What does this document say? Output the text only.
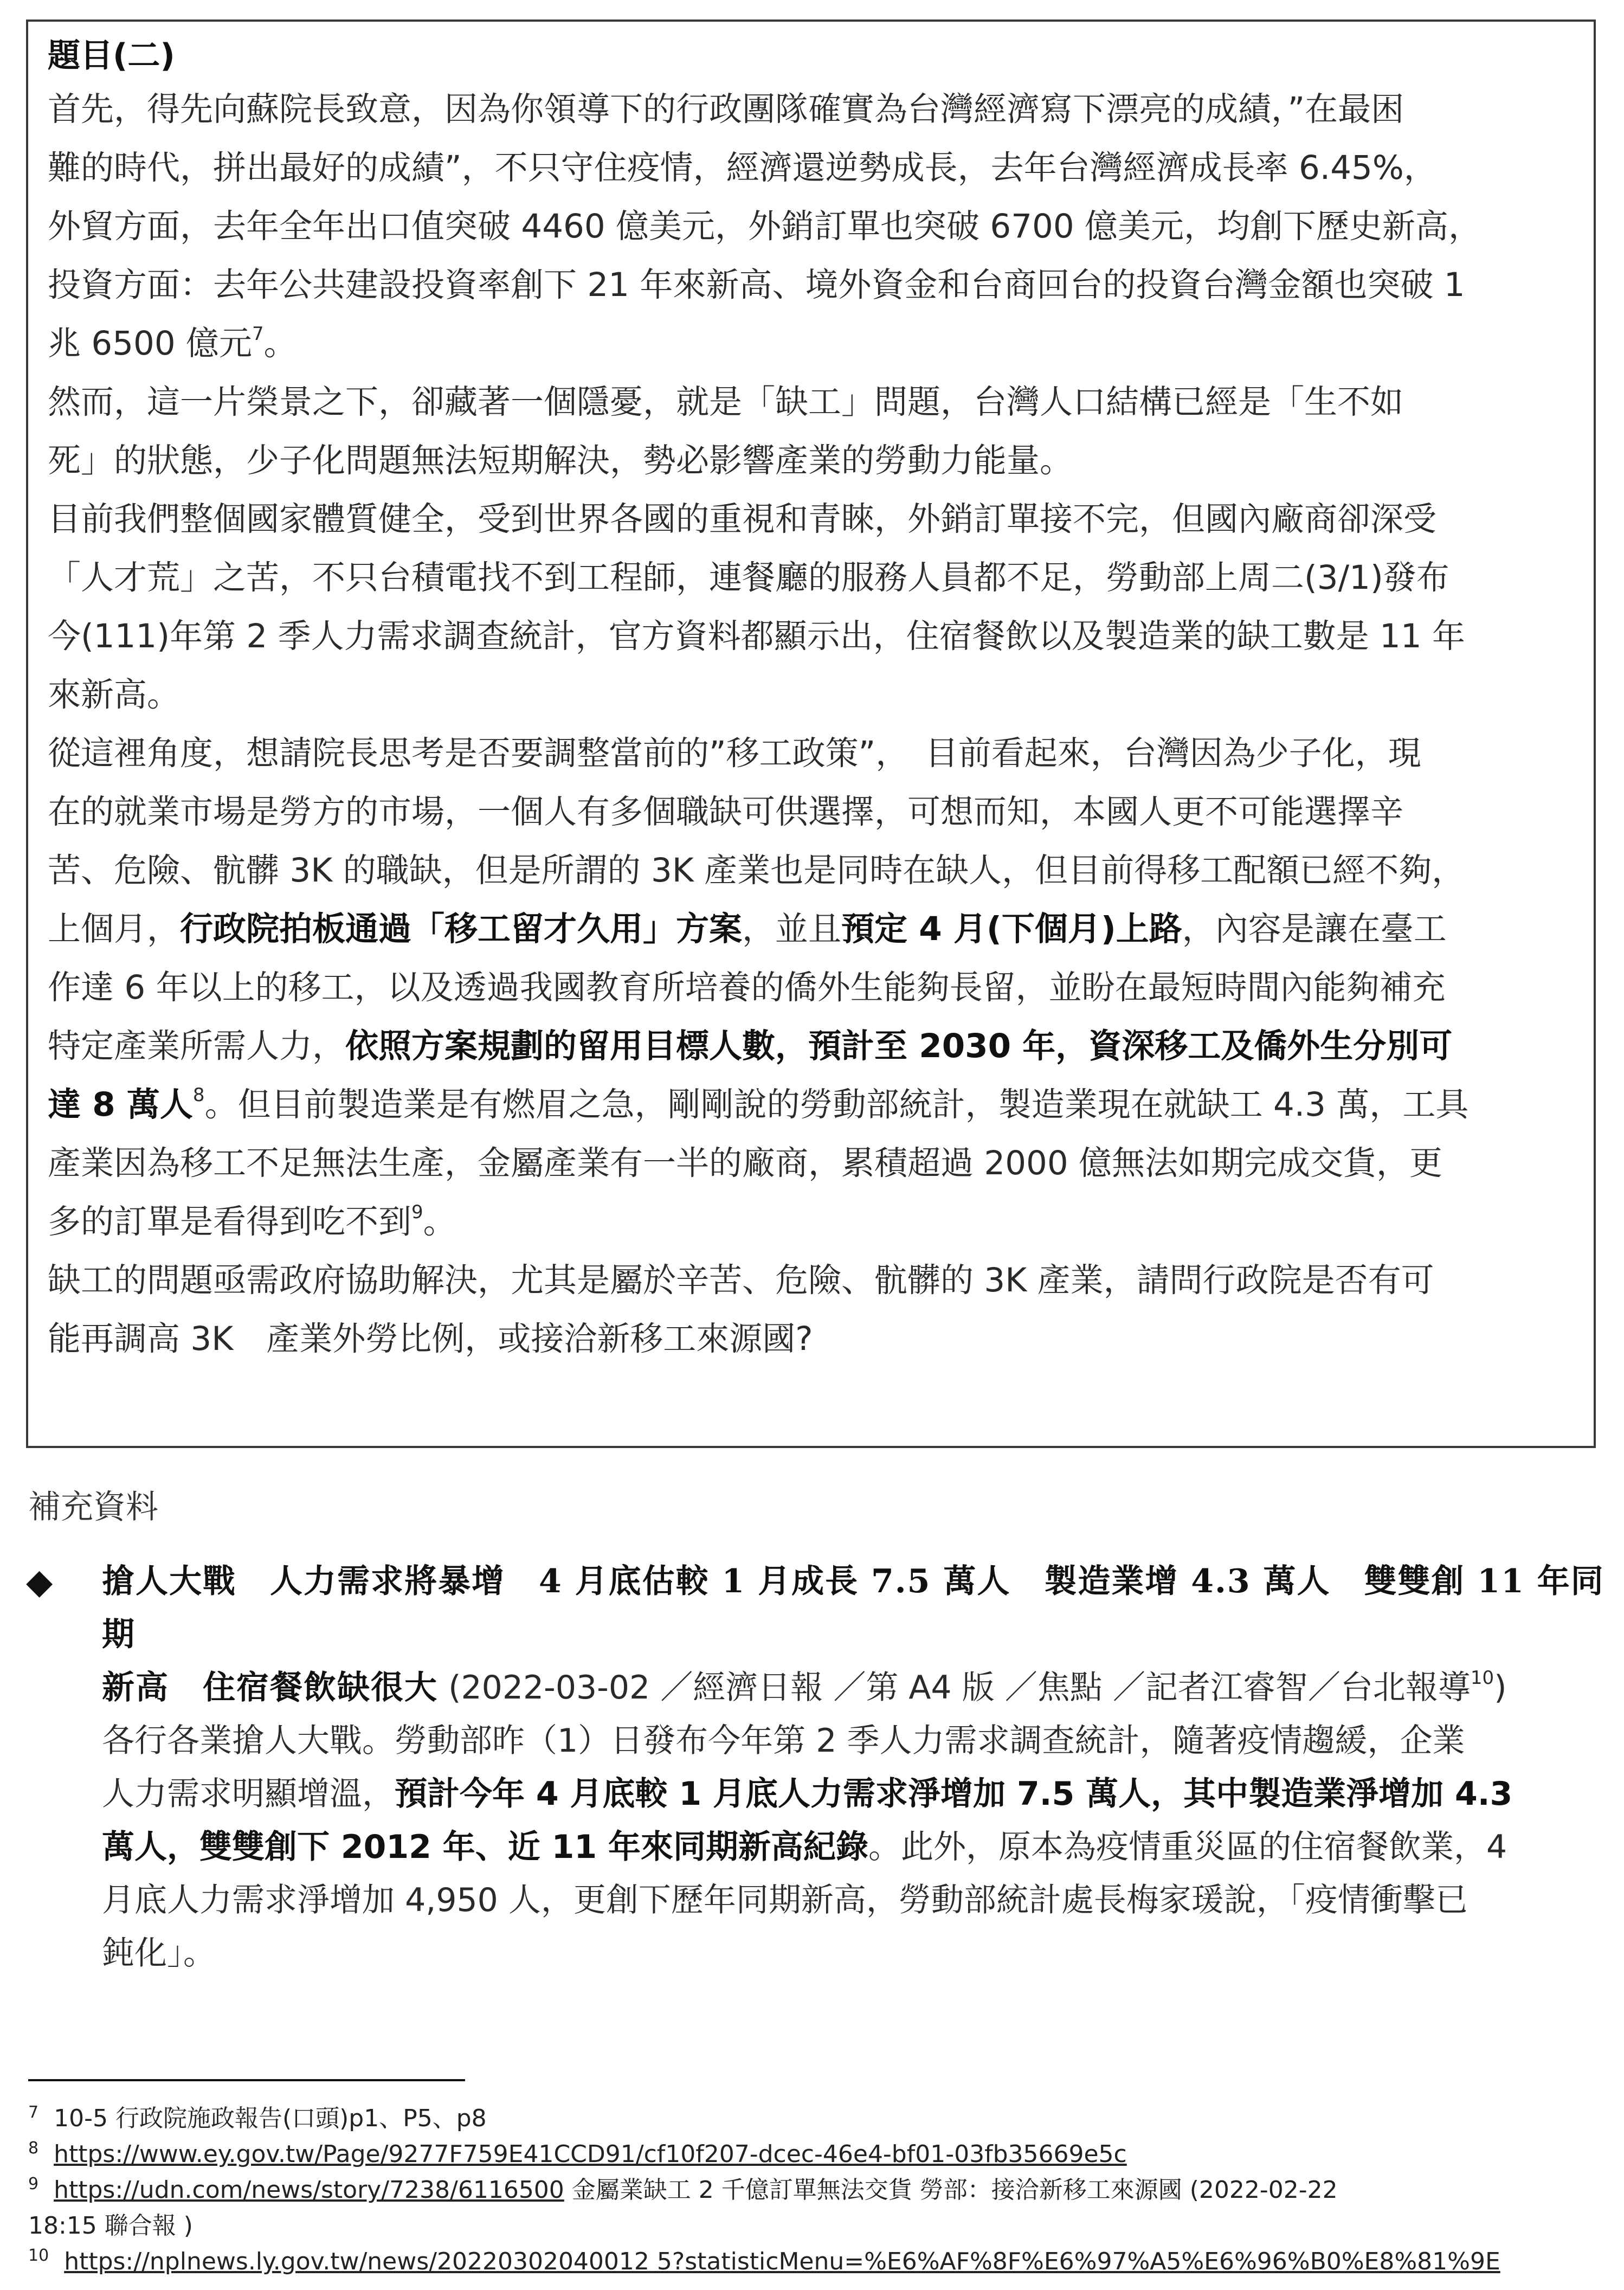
題目(二)

首先，得先向蘇院長致意，因為你領導下的行政團隊確實為台灣經濟寫下漂亮的成績，”在最困

難的時代，拼出最好的成績”，不只守住疫情，經濟還逆勢成長，去年台灣經濟成長率 6.45%，

外貿方面，去年全年出口值突破 4460 億美元，外銷訂單也突破 6700 億美元，均創下歷史新高，

投資方面：去年公共建設投資率創下 21 年來新高、境外資金和台商回台的投資台灣金額也突破 1

兆 6500 億元$^7$。

然而，這一片榮景之下，卻藏著一個隱憂，就是「缺工」問題，台灣人口結構已經是「生不如

死」的狀態，少子化問題無法短期解決，勢必影響產業的勞動力能量。

目前我們整個國家體質健全，受到世界各國的重視和青睞，外銷訂單接不完，但國內廠商卻深受

「人才荒」之苦，不只台積電找不到工程師，連餐廳的服務人員都不足，勞動部上周二(3/1)發布

今(111)年第 2 季人力需求調查統計，官方資料都顯示出，住宿餐飲以及製造業的缺工數是 11 年

來新高。

從這裡角度，想請院長思考是否要調整當前的”移工政策”，　目前看起來，台灣因為少子化，現

在的就業市場是勞方的市場，一個人有多個職缺可供選擇，可想而知，本國人更不可能選擇辛

苦、危險、骯髒 3K 的職缺，但是所謂的 3K 產業也是同時在缺人，但目前得移工配額已經不夠，

上個月，行政院拍板通過「移工留才久用」方案，並且預定 4 月(下個月)上路，內容是讓在臺工

作達 6 年以上的移工，以及透過我國教育所培養的僑外生能夠長留，並盼在最短時間內能夠補充

特定產業所需人力，依照方案規劃的留用目標人數，預計至 2030 年，資深移工及僑外生分別可

達 8 萬人$^8$。但目前製造業是有燃眉之急，剛剛說的勞動部統計，製造業現在就缺工 4.3 萬，工具

產業因為移工不足無法生產，金屬產業有一半的廠商，累積超過 2000 億無法如期完成交貨，更

多的訂單是看得到吃不到$^9$。

缺工的問題亟需政府協助解決，尤其是屬於辛苦、危險、骯髒的 3K 產業，請問行政院是否有可

能再調高 3K　產業外勞比例，或接洽新移工來源國?

補充資料
◆ 搶人大戰　人力需求將暴增　4 月底估較 1 月成長 7.5 萬人　製造業增 4.3 萬人　雙雙創 11 年同期
新高　住宿餐飲缺很大 (2022-03-02 ／經濟日報 ／第 A4 版 ／焦點 ／記者江睿智／台北報導$^{10}$)
各行各業搶人大戰。勞動部昨（1）日發布今年第 2 季人力需求調查統計，隨著疫情趨緩，企業
人力需求明顯增溫，預計今年 4 月底較 1 月底人力需求淨增加 7.5 萬人，其中製造業淨增加 4.3
萬人，雙雙創下 2012 年、近 11 年來同期新高紀錄。此外，原本為疫情重災區的住宿餐飲業，4
月底人力需求淨增加 4,950 人，更創下歷年同期新高，勞動部統計處長梅家瑗說，「疫情衝擊已
鈍化」。

$^7$ 10-5 行政院施政報告(口頭)p1、P5、p8

$^8$ https://www.ey.gov.tw/Page/9277F759E41CCD91/cf10f207-dcec-46e4-bf01-03fb35669e5c

$^9$ https://udn.com/news/story/7238/6116500 金屬業缺工 2 千億訂單無法交貨 勞部：接洽新移工來源國 (2022-02-22

18:15 聯合報 )

$^{10}$ https://nplnews.ly.gov.tw/news/20220302040012 5?statisticMenu=%E6%AF%8F%E6%97%A5%E6%96%B0%E8%81%9E
